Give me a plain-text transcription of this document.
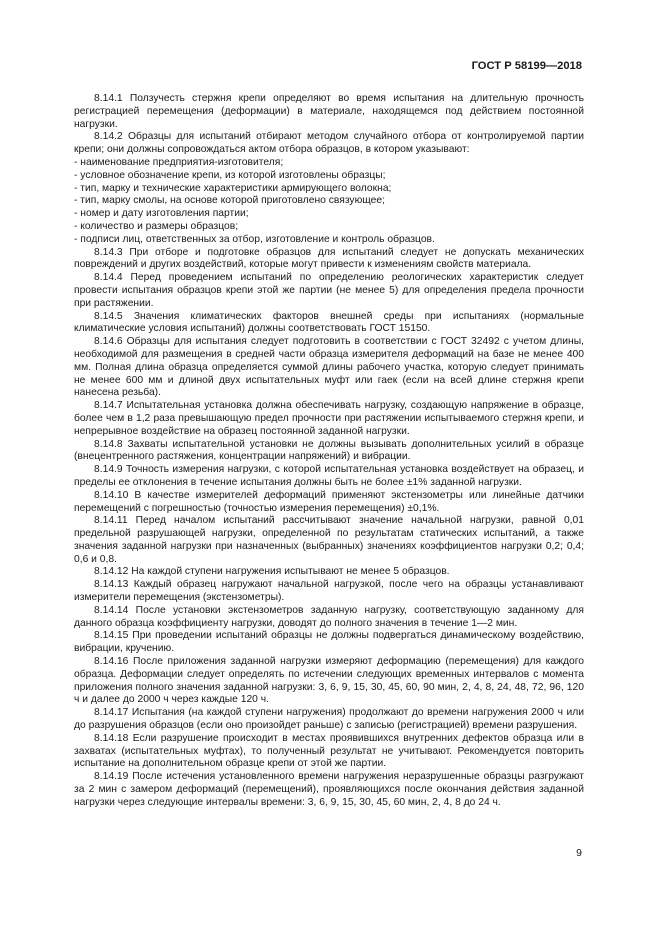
ГОСТ Р 58199—2018

8.14.1 Ползучесть стержня крепи определяют во время испытания на длительную прочность регистрацией перемещения (деформации) в материале, находящемся под действием постоянной нагрузки.

8.14.2 Образцы для испытаний отбирают методом случайного отбора от контролируемой партии крепи; они должны сопровождаться актом отбора образцов, в котором указывают:

- наименование предприятия-изготовителя;

- условное обозначение крепи, из которой изготовлены образцы;

- тип, марку и технические характеристики армирующего волокна;

- тип, марку смолы, на основе которой приготовлено связующее;

- номер и дату изготовления партии;

- количество и размеры образцов;

- подписи лиц, ответственных за отбор, изготовление и контроль образцов.

8.14.3 При отборе и подготовке образцов для испытаний следует не допускать механических повреждений и других воздействий, которые могут привести к изменениям свойств материала.

8.14.4 Перед проведением испытаний по определению реологических характеристик следует провести испытания образцов крепи этой же партии (не менее 5) для определения предела прочности при растяжении.

8.14.5 Значения климатических факторов внешней среды при испытаниях (нормальные климатические условия испытаний) должны соответствовать ГОСТ 15150.

8.14.6 Образцы для испытания следует подготовить в соответствии с ГОСТ 32492 с учетом длины, необходимой для размещения в средней части образца измерителя деформаций на базе не менее 400 мм. Полная длина образца определяется суммой длины рабочего участка, которую следует принимать не менее 600 мм и длиной двух испытательных муфт или гаек (если на всей длине стержня крепи нанесена резьба).

8.14.7 Испытательная установка должна обеспечивать нагрузку, создающую напряжение в образце, более чем в 1,2 раза превышающую предел прочности при растяжении испытываемого стержня крепи, и непрерывное воздействие на образец постоянной заданной нагрузки.

8.14.8 Захваты испытательной установки не должны вызывать дополнительных усилий в образце (внецентренного растяжения, концентрации напряжений) и вибрации.

8.14.9 Точность измерения нагрузки, с которой испытательная установка воздействует на образец, и пределы ее отклонения в течение испытания должны быть не более ±1% заданной нагрузки.

8.14.10 В качестве измерителей деформаций применяют экстензометры или линейные датчики перемещений с погрешностью (точностью измерения перемещения) ±0,1%.

8.14.11 Перед началом испытаний рассчитывают значение начальной нагрузки, равной 0,01 предельной разрушающей нагрузки, определенной по результатам статических испытаний, а также значения заданной нагрузки при назначенных (выбранных) значениях коэффициентов нагрузки 0,2; 0,4; 0,6 и 0,8.

8.14.12 На каждой ступени нагружения испытывают не менее 5 образцов.

8.14.13 Каждый образец нагружают начальной нагрузкой, после чего на образцы устанавливают измерители перемещения (экстензометры).

8.14.14 После установки экстензометров заданную нагрузку, соответствующую заданному для данного образца коэффициенту нагрузки, доводят до полного значения в течение 1—2 мин.

8.14.15 При проведении испытаний образцы не должны подвергаться динамическому воздействию, вибрации, кручению.

8.14.16 После приложения заданной нагрузки измеряют деформацию (перемещения) для каждого образца. Деформации следует определять по истечении следующих временных интервалов с момента приложения полного значения заданной нагрузки: 3, 6, 9, 15, 30, 45, 60, 90 мин, 2, 4, 8, 24, 48, 72, 96, 120 ч и далее до 2000 ч через каждые 120 ч.

8.14.17 Испытания (на каждой ступени нагружения) продолжают до времени нагружения 2000 ч или до разрушения образцов (если оно произойдет раньше) с записью (регистрацией) времени разрушения.

8.14.18 Если разрушение происходит в местах проявившихся внутренних дефектов образца или в захватах (испытательных муфтах), то полученный результат не учитывают. Рекомендуется повторить испытание на дополнительном образце крепи от этой же партии.

8.14.19 После истечения установленного времени нагружения неразрушенные образцы разгружают за 2 мин с замером деформаций (перемещений), проявляющихся после окончания действия заданной нагрузки через следующие интервалы времени: 3, 6, 9, 15, 30, 45, 60 мин, 2, 4, 8 до 24 ч.

9
